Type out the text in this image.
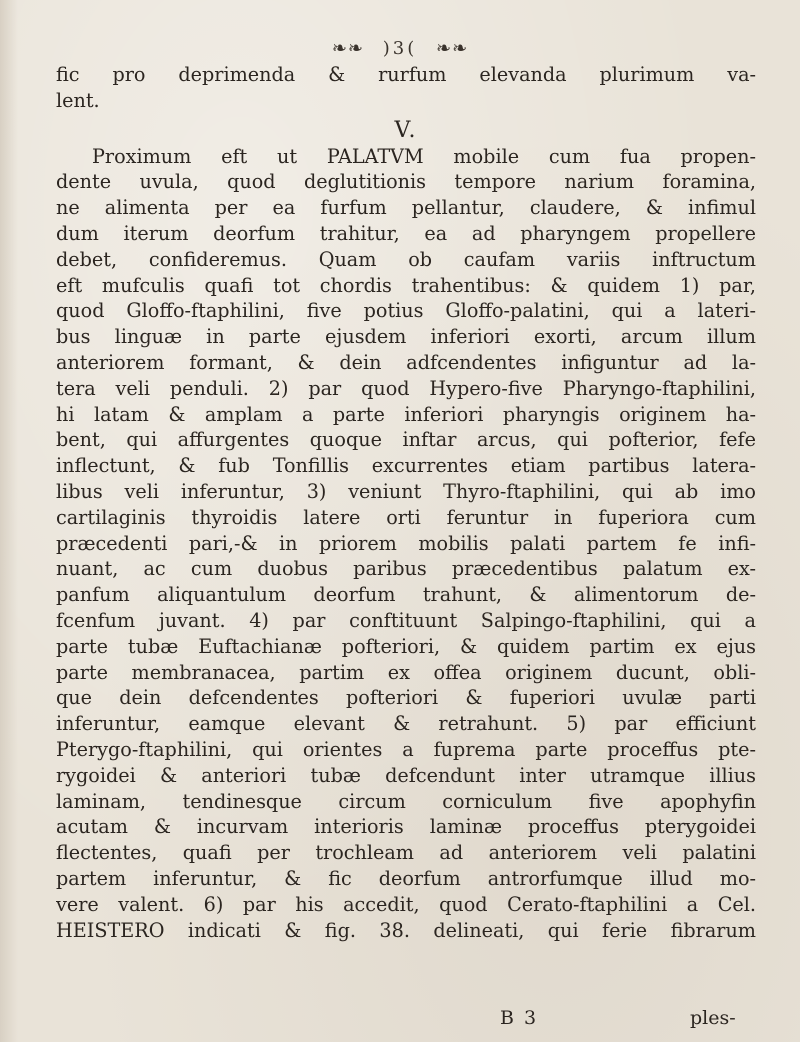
❧❧ )3( ❧❧
fic pro deprimenda & rurfum elevanda plurimum va-
lent.
V.
Proximum eft ut PALATVM mobile cum fua propen-
dente uvula, quod deglutitionis tempore narium foramina,
ne alimenta per ea furfum pellantur, claudere, & infimul
dum iterum deorfum trahitur, ea ad pharyngem propellere
debet, confideremus. Quam ob caufam variis inftructum
eft mufculis quafi tot chordis trahentibus: & quidem 1) par,
quod Gloffo-ftaphilini, five potius Gloffo-palatini, qui a lateri-
bus linguæ in parte ejusdem inferiori exorti, arcum illum
anteriorem formant, & dein adfcendentes infiguntur ad la-
tera veli penduli. 2) par quod Hypero-five Pharyngo-ftaphilini,
hi latam & amplam a parte inferiori pharyngis originem ha-
bent, qui affurgentes quoque inftar arcus, qui pofterior, fefe
inflectunt, & fub Tonfillis excurrentes etiam partibus latera-
libus veli inferuntur, 3) veniunt Thyro-ftaphilini, qui ab imo
cartilaginis thyroidis latere orti feruntur in fuperiora cum
præcedenti pari,-& in priorem mobilis palati partem fe infi-
nuant, ac cum duobus paribus præcedentibus palatum ex-
panfum aliquantulum deorfum trahunt, & alimentorum de-
fcenfum juvant. 4) par conftituunt Salpingo-ftaphilini, qui a
parte tubæ Euftachianæ pofteriori, & quidem partim ex ejus
parte membranacea, partim ex offea originem ducunt, obli-
que dein defcendentes pofteriori & fuperiori uvulæ parti
inferuntur, eamque elevant & retrahunt. 5) par efficiunt
Pterygo-ftaphilini, qui orientes a fuprema parte proceffus pte-
rygoidei & anteriori tubæ defcendunt inter utramque illius
laminam, tendinesque circum corniculum five apophyfin
acutam & incurvam interioris laminæ proceffus pterygoidei
flectentes, quafi per trochleam ad anteriorem veli palatini
partem inferuntur, & fic deorfum antrorfumque illud mo-
vere valent. 6) par his accedit, quod Cerato-ftaphilini a Cel.
HEISTERO indicati & fig. 38. delineati, qui ferie fibrarum
B 3	ples-
